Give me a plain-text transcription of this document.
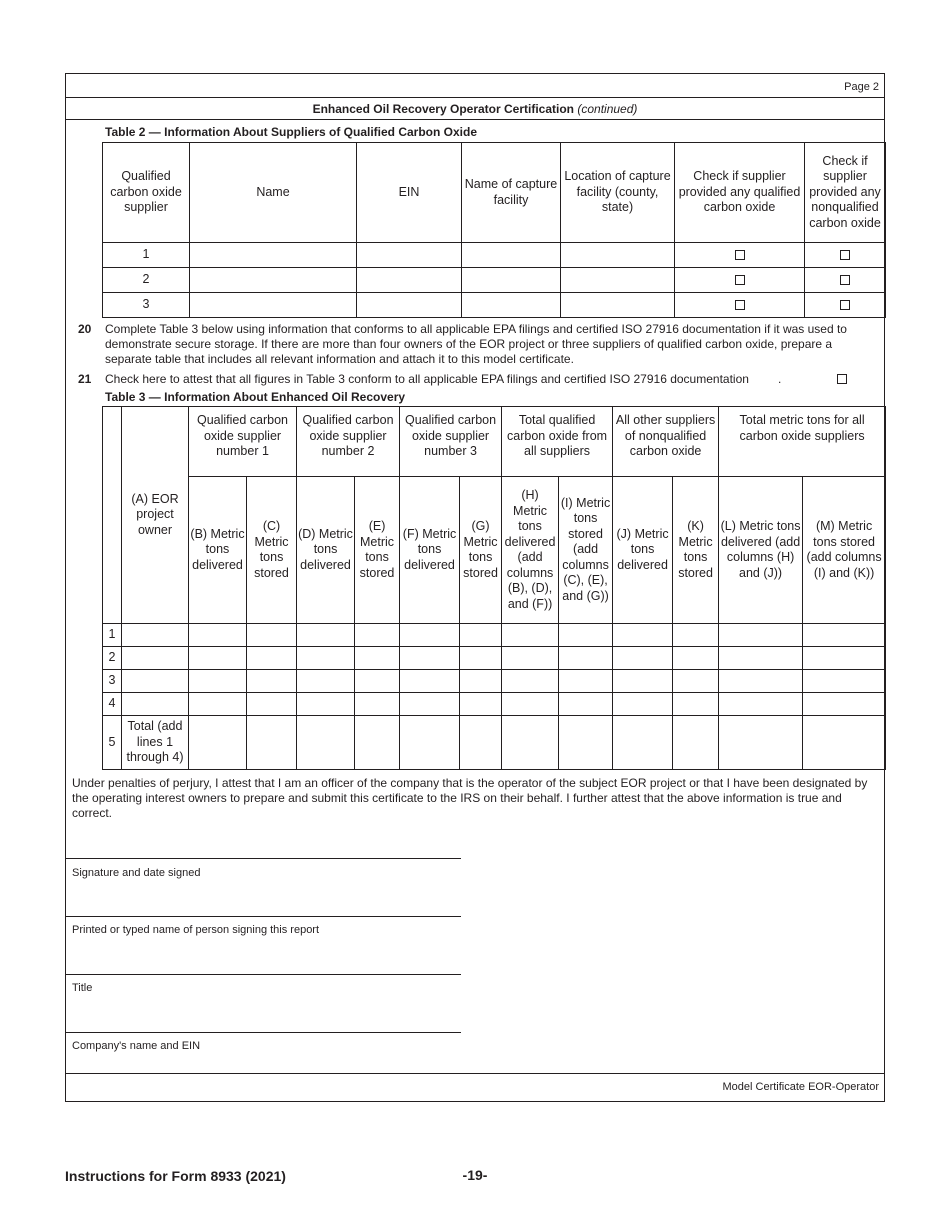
Page 2
Enhanced Oil Recovery Operator Certification (continued)
Table 2 — Information About Suppliers of Qualified Carbon Oxide
Qualified carbon oxide supplier	Name	EIN	Name of capture facility	Location of capture facility (county, state)	Check if supplier provided any qualified carbon oxide	Check if supplier provided any nonqualified carbon oxide
1						
2						
3						
20 Complete Table 3 below using information that conforms to all applicable EPA filings and certified ISO 27916 documentation if it was used to demonstrate secure storage. If there are more than four owners of the EOR project or three suppliers of qualified carbon oxide, prepare a separate table that includes all relevant information and attach it to this model certificate.
21 Check here to attest that all figures in Table 3 conform to all applicable EPA filings and certified ISO 27916 documentation .
Table 3 — Information About Enhanced Oil Recovery
	(A) EOR project owner	Qualified carbon oxide supplier number 1		Qualified carbon oxide supplier number 2		Qualified carbon oxide supplier number 3		Total qualified carbon oxide from all suppliers		All other suppliers of nonqualified carbon oxide		Total metric tons for all carbon oxide suppliers	
		(B) Metric tons delivered	(C) Metric tons stored	(D) Metric tons delivered	(E) Metric tons stored	(F) Metric tons delivered	(G) Metric tons stored	(H) Metric tons delivered (add columns (B), (D), and (F))	(I) Metric tons stored (add columns (C), (E), and (G))	(J) Metric tons delivered	(K) Metric tons stored	(L) Metric tons delivered (add columns (H) and (J))	(M) Metric tons stored (add columns (I) and (K))
1													
2													
3													
4													
5	Total (add lines 1 through 4)												
Under penalties of perjury, I attest that I am an officer of the company that is the operator of the subject EOR project or that I have been designated by the operating interest owners to prepare and submit this certificate to the IRS on their behalf. I further attest that the above information is true and correct.
Signature and date signed
Printed or typed name of person signing this report
Title
Company's name and EIN
Model Certificate EOR-Operator
Instructions for Form 8933 (2021)	-19-
